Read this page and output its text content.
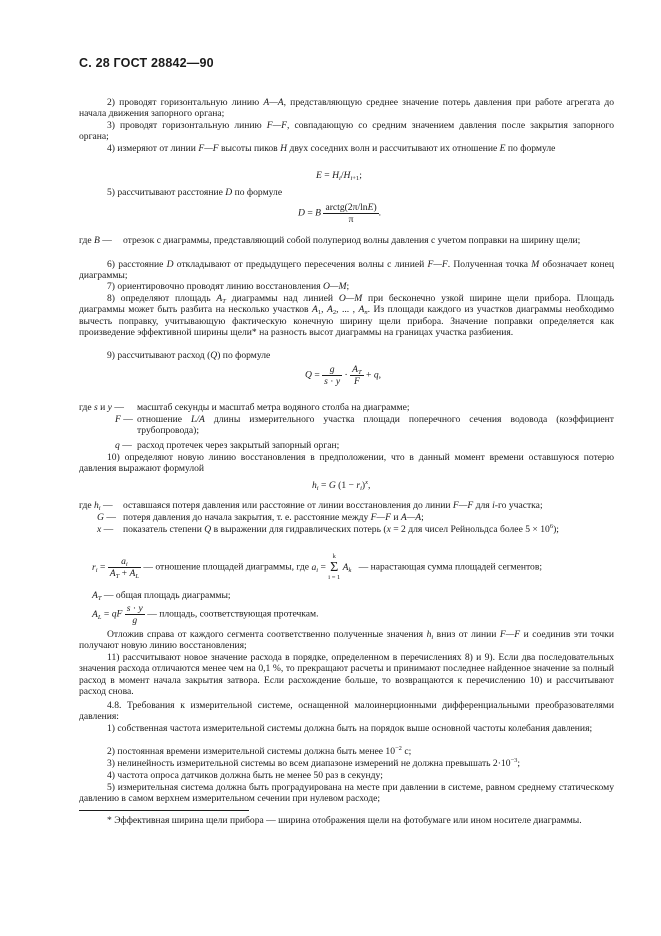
С. 28 ГОСТ 28842—90
2) проводят горизонтальную линию А—А, представляющую среднее значение потерь давления при работе агрегата до начала движения запорного органа;
3) проводят горизонтальную линию F—F, совпадающую со средним значением давления после закрытия запорного органа;
4) измеряют от линии F—F высоты пиков Н двух соседних волн и рассчитывают их отношение Е по формуле
$E = H_i/H_{i+1}$;
5) рассчитывают расстояние D по формуле
D = B $\frac{\text{arctg(2π/lnE)}}{\pi}$ .
где B — отрезок с диаграммы, представляющий собой полупериод волны давления с учетом поправки на ширину щели;
6) расстояние D откладывают от предыдущего пересечения волны с линией F—F. Полученная точка М обозначает конец диаграммы;
7) ориентировочно проводят линию восстановления О—М;
8) определяют площадь $A_T$ диаграммы над линией О—М при бесконечно узкой ширине щели прибора. Площадь диаграммы может быть разбита на несколько участков $A_1$, $A_2$, ... , $A_n$. Из площади каждого из участков диаграммы необходимо вычесть поправку, учитывающую фактическую конечную ширину щели прибора. Значение поправки определяется как произведение эффективной ширины щели* на разность высот диаграммы на границах участка разбиения.
9) рассчитывают расход (Q) по формуле
$Q = \frac{g}{s \cdot y} \cdot \frac{A_T}{F} + q$,
где s и y — масштаб секунды и масштаб метра водяного столба на диаграмме;
F — отношение L/A длины измерительного участка площади поперечного сечения водовода (коэффициент трубопровода);
q — расход протечек через закрытый запорный орган;
10) определяют новую линию восстановления в предположении, что в данный момент времени оставшуюся потерю давления выражают формулой
$h_i = G$ $(1 - r_i)^x$,
где $h_i$ — оставшаяся потеря давления или расстояние от линии восстановления до линии F—F для i-го участка;
G — потеря давления до начала закрытия, т. е. расстояние между F—F и А—А;
x — показатель степени Q в выражении для гидравлических потерь (x = 2 для чисел Рейнольдса более $5 \times 10^6$);
$r_i = \frac{a_i}{A_T + A_L}$ — отношение площадей диаграммы, где $a_i = k$
Σ
i = 1 $A_k$ — нарастающая сумма площадей сегментов;
$A_T$ — общая площадь диаграммы;
$A_L$ = qF $\frac{s \cdot y}{g}$ — площадь, соответствующая протечкам.
Отложив справа от каждого сегмента соответственно полученные значения $h_i$ вниз от линии F—F и соединив эти точки получают новую линию восстановления;
11) рассчитывают новое значение расхода в порядке, определенном в перечислениях 8) и 9). Если два последовательных значения расхода отличаются менее чем на 0,1 %, то прекращают расчеты и принимают последнее найденное значение за полный расход в момент начала закрытия затвора. Если расхождение больше, то возвращаются к перечислению 10) и рассчитывают расход снова.
4.8. Требования к измерительной системе, оснащенной малоинерционными дифференциальными преобразователями давления:
1) собственная частота измерительной системы должна быть на порядок выше основной частоты колебания давления;
2) постоянная времени измерительной системы должна быть менее $10^{-2}$ с;
3) нелинейность измерительной системы во всем диапазоне измерений не должна превышать $2\cdot 10^{-3}$;
4) частота опроса датчиков должна быть не менее 50 раз в секунду;
5) измерительная система должна быть проградуирована на месте при давлении в системе, равном среднему статическому давлению в самом верхнем измерительном сечении при нулевом расходе;
* Эффективная ширина щели прибора — ширина отображения щели на фотобумаге или ином носителе диаграммы.
